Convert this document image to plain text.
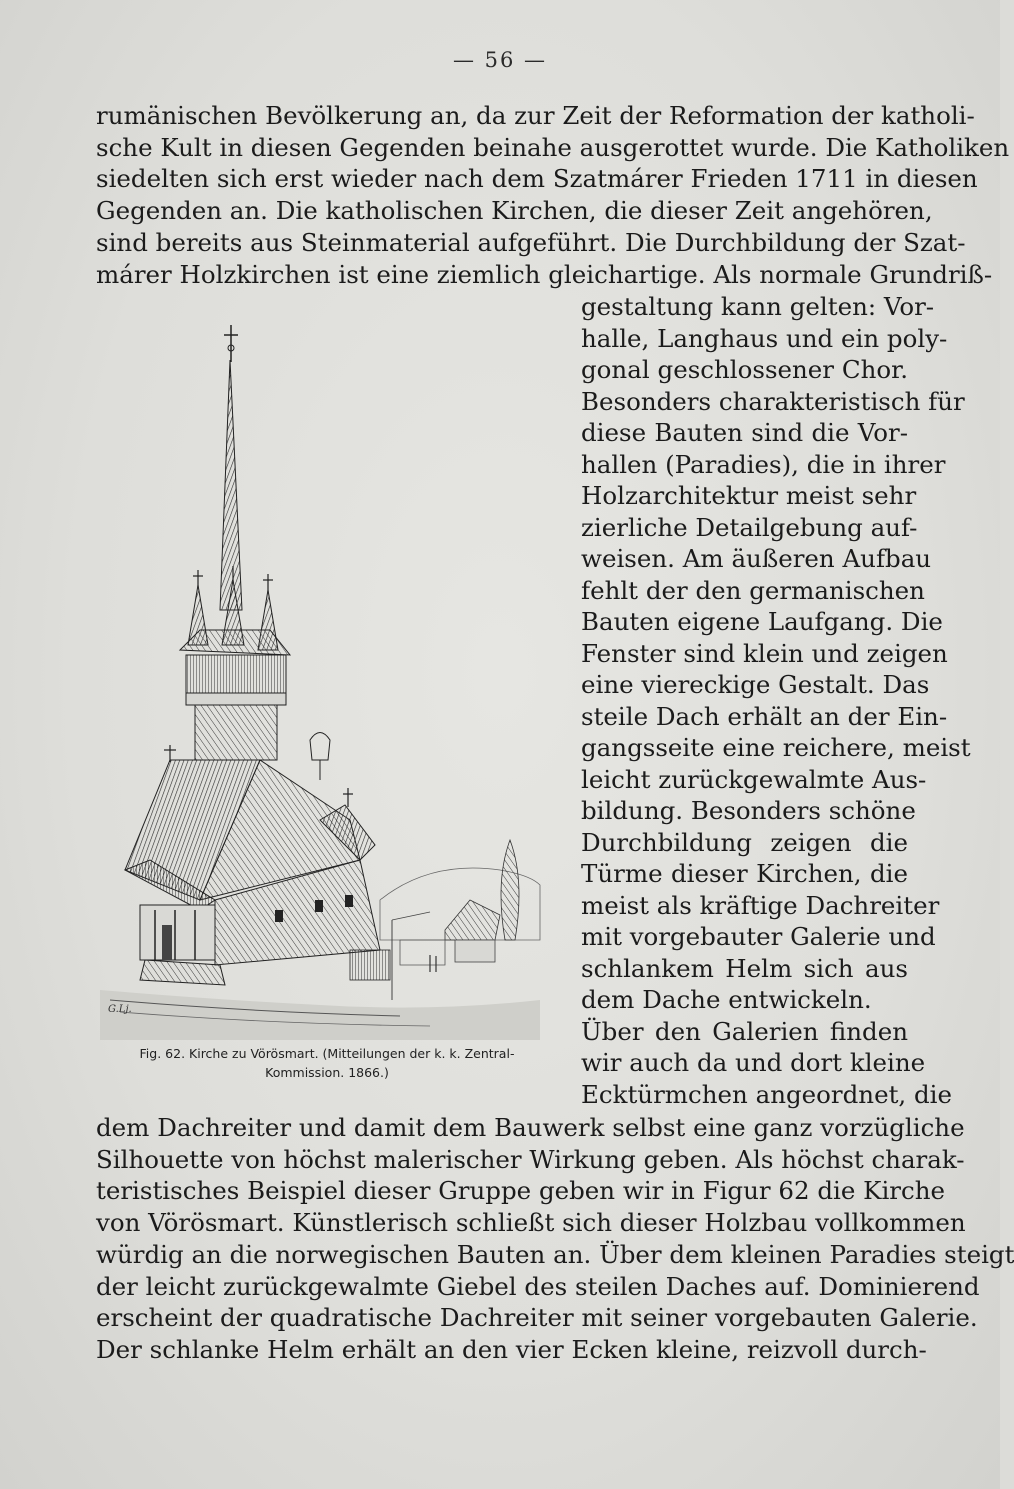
— 56 —
rumänischen Bevölkerung an, da zur Zeit der Reformation der katholi-
sche Kult in diesen Gegenden beinahe ausgerottet wurde. Die Katholiken
siedelten sich erst wieder nach dem Szatmárer Frieden 1711 in diesen
Gegenden an. Die katholischen Kirchen, die dieser Zeit angehören,
sind bereits aus Steinmaterial aufgeführt. Die Durchbildung der Szat-
márer Holzkirchen ist eine ziemlich gleichartige. Als normale Grundriß-
gestaltung kann gelten: Vor-
halle, Langhaus und ein poly-
gonal geschlossener Chor.
Besonders charakteristisch für
diese Bauten sind die Vor-
hallen (Paradies), die in ihrer
Holzarchitektur meist sehr
zierliche Detailgebung auf-
weisen. Am äußeren Aufbau
fehlt der den germanischen
Bauten eigene Laufgang. Die
Fenster sind klein und zeigen
eine viereckige Gestalt. Das
steile Dach erhält an der Ein-
gangsseite eine reichere, meist
leicht zurückgewalmte Aus-
bildung. Besonders schöne
Durchbildung zeigen die
Türme dieser Kirchen, die
meist als kräftige Dachreiter
mit vorgebauter Galerie und
schlankem Helm sich aus
dem Dache entwickeln.
Über den Galerien finden
wir auch da und dort kleine
Ecktürmchen angeordnet, die
dem Dachreiter und damit dem Bauwerk selbst eine ganz vorzügliche
Silhouette von höchst malerischer Wirkung geben. Als höchst charak-
teristisches Beispiel dieser Gruppe geben wir in Figur 62 die Kirche
von Vörösmart. Künstlerisch schließt sich dieser Holzbau vollkommen
würdig an die norwegischen Bauten an. Über dem kleinen Paradies steigt
der leicht zurückgewalmte Giebel des steilen Daches auf. Dominierend
erscheint der quadratische Dachreiter mit seiner vorgebauten Galerie.
Der schlanke Helm erhält an den vier Ecken kleine, reizvoll durch-
G.Lj.
Fig. 62. Kirche zu Vörösmart. (Mitteilungen der k. k. Zentral-
Kommission. 1866.)
